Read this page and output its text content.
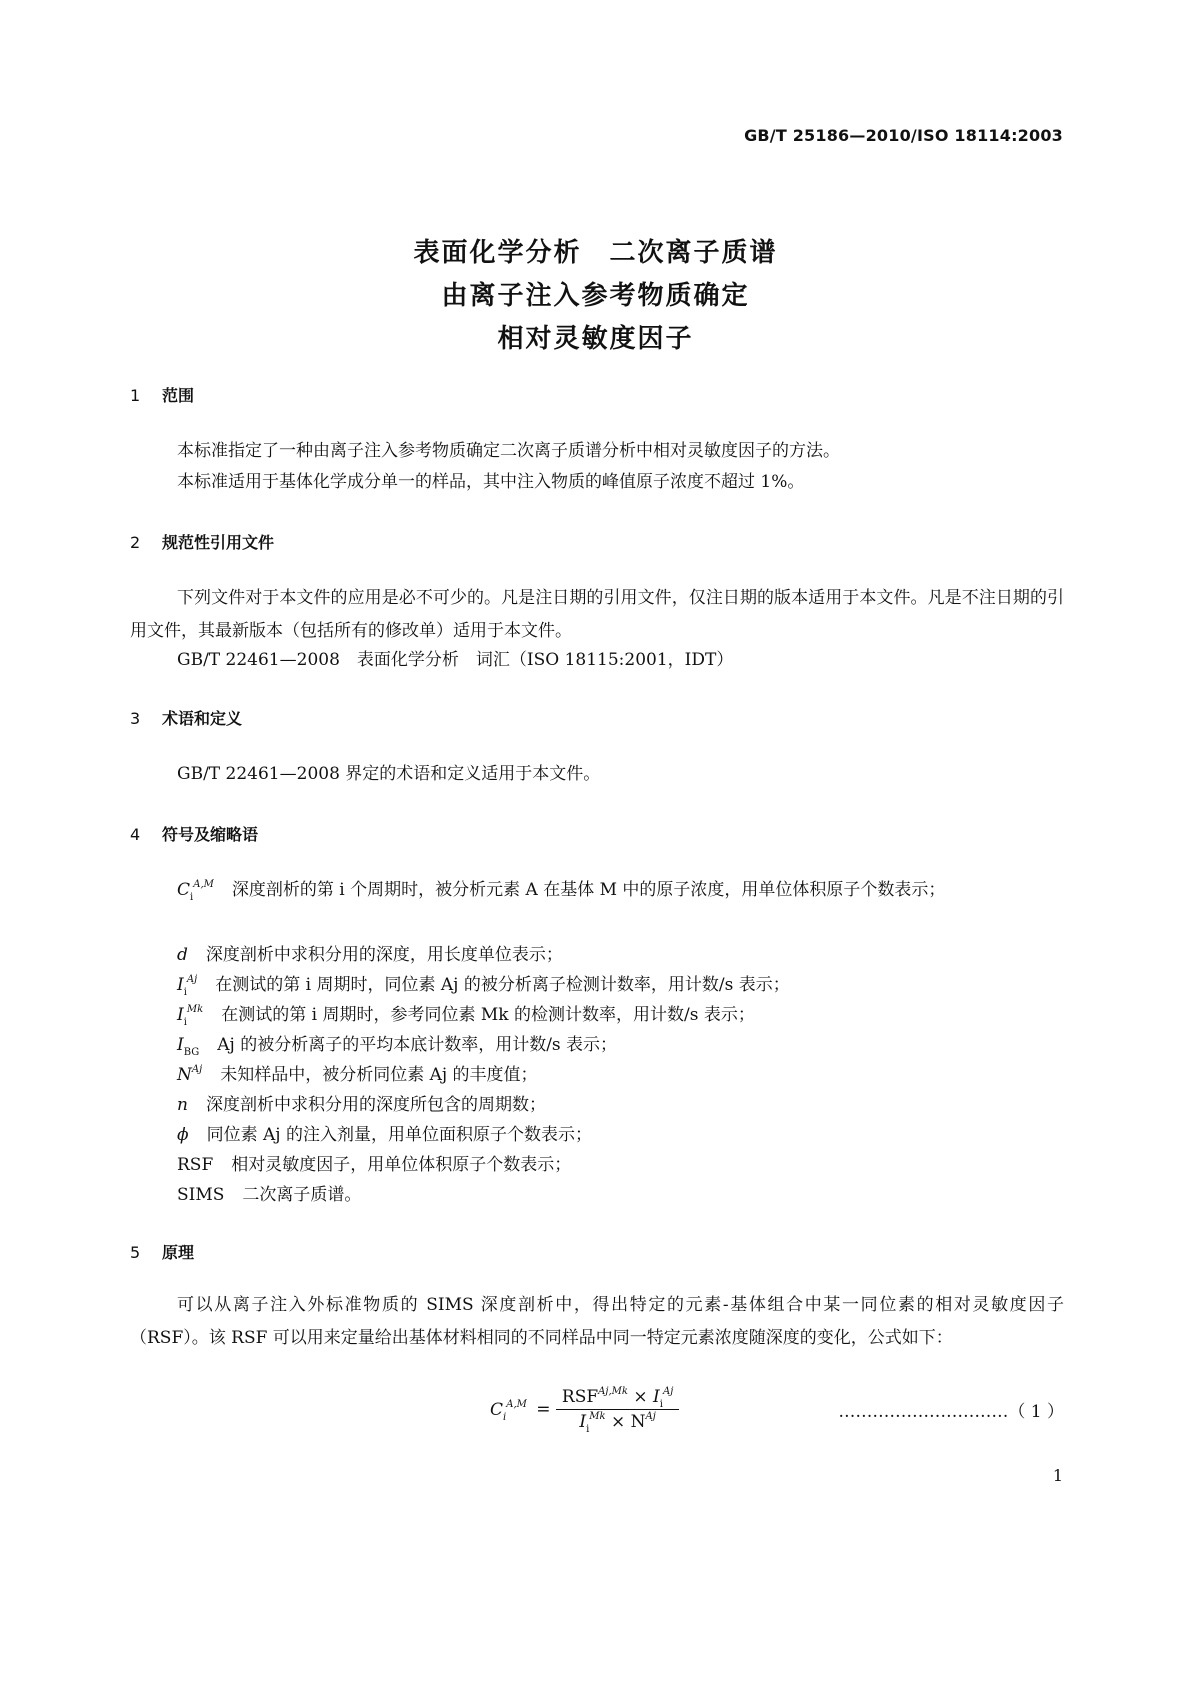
GB/T 25186—2010/ISO 18114:2003
表面化学分析 二次离子质谱
由离子注入参考物质确定
相对灵敏度因子
1 范围
本标准指定了一种由离子注入参考物质确定二次离子质谱分析中相对灵敏度因子的方法。
本标准适用于基体化学成分单一的样品，其中注入物质的峰值原子浓度不超过 1%。
2 规范性引用文件
下列文件对于本文件的应用是必不可少的。凡是注日期的引用文件，仅注日期的版本适用于本文件。凡是不注日期的引用文件，其最新版本（包括所有的修改单）适用于本文件。
GB/T 22461—2008　表面化学分析　词汇（ISO 18115:2001，IDT）
3 术语和定义
GB/T 22461—2008 界定的术语和定义适用于本文件。
4 符号及缩略语
$C_i^{A,M}$ 深度剖析的第 i 个周期时，被分析元素 A 在基体 M 中的原子浓度，用单位体积原子个数表示；
d 深度剖析中求积分用的深度，用长度单位表示；
$I_i^{Aj}$ 在测试的第 i 周期时，同位素 Aj 的被分析离子检测计数率，用计数/s 表示；
$I_i^{Mk}$ 在测试的第 i 周期时，参考同位素 Mk 的检测计数率，用计数/s 表示；
$I_{BG}$ Aj 的被分析离子的平均本底计数率，用计数/s 表示；
$N^{Aj}$ 未知样品中，被分析同位素 Aj 的丰度值；
n 深度剖析中求积分用的深度所包含的周期数；
ϕ 同位素 Aj 的注入剂量，用单位面积原子个数表示；
RSF 相对灵敏度因子，用单位体积原子个数表示；
SIMS 二次离子质谱。
5 原理
可以从离子注入外标准物质的 SIMS 深度剖析中，得出特定的元素-基体组合中某一同位素的相对灵敏度因子（RSF）。该 RSF 可以用来定量给出基体材料相同的不同样品中同一特定元素浓度随深度的变化，公式如下：
$C_i^{A,M} = \frac{RSF^{Aj,Mk} \times I_i^{Aj}}{I_i^{Mk} \times N^{Aj}}$	…………………………（ 1 ）
1
